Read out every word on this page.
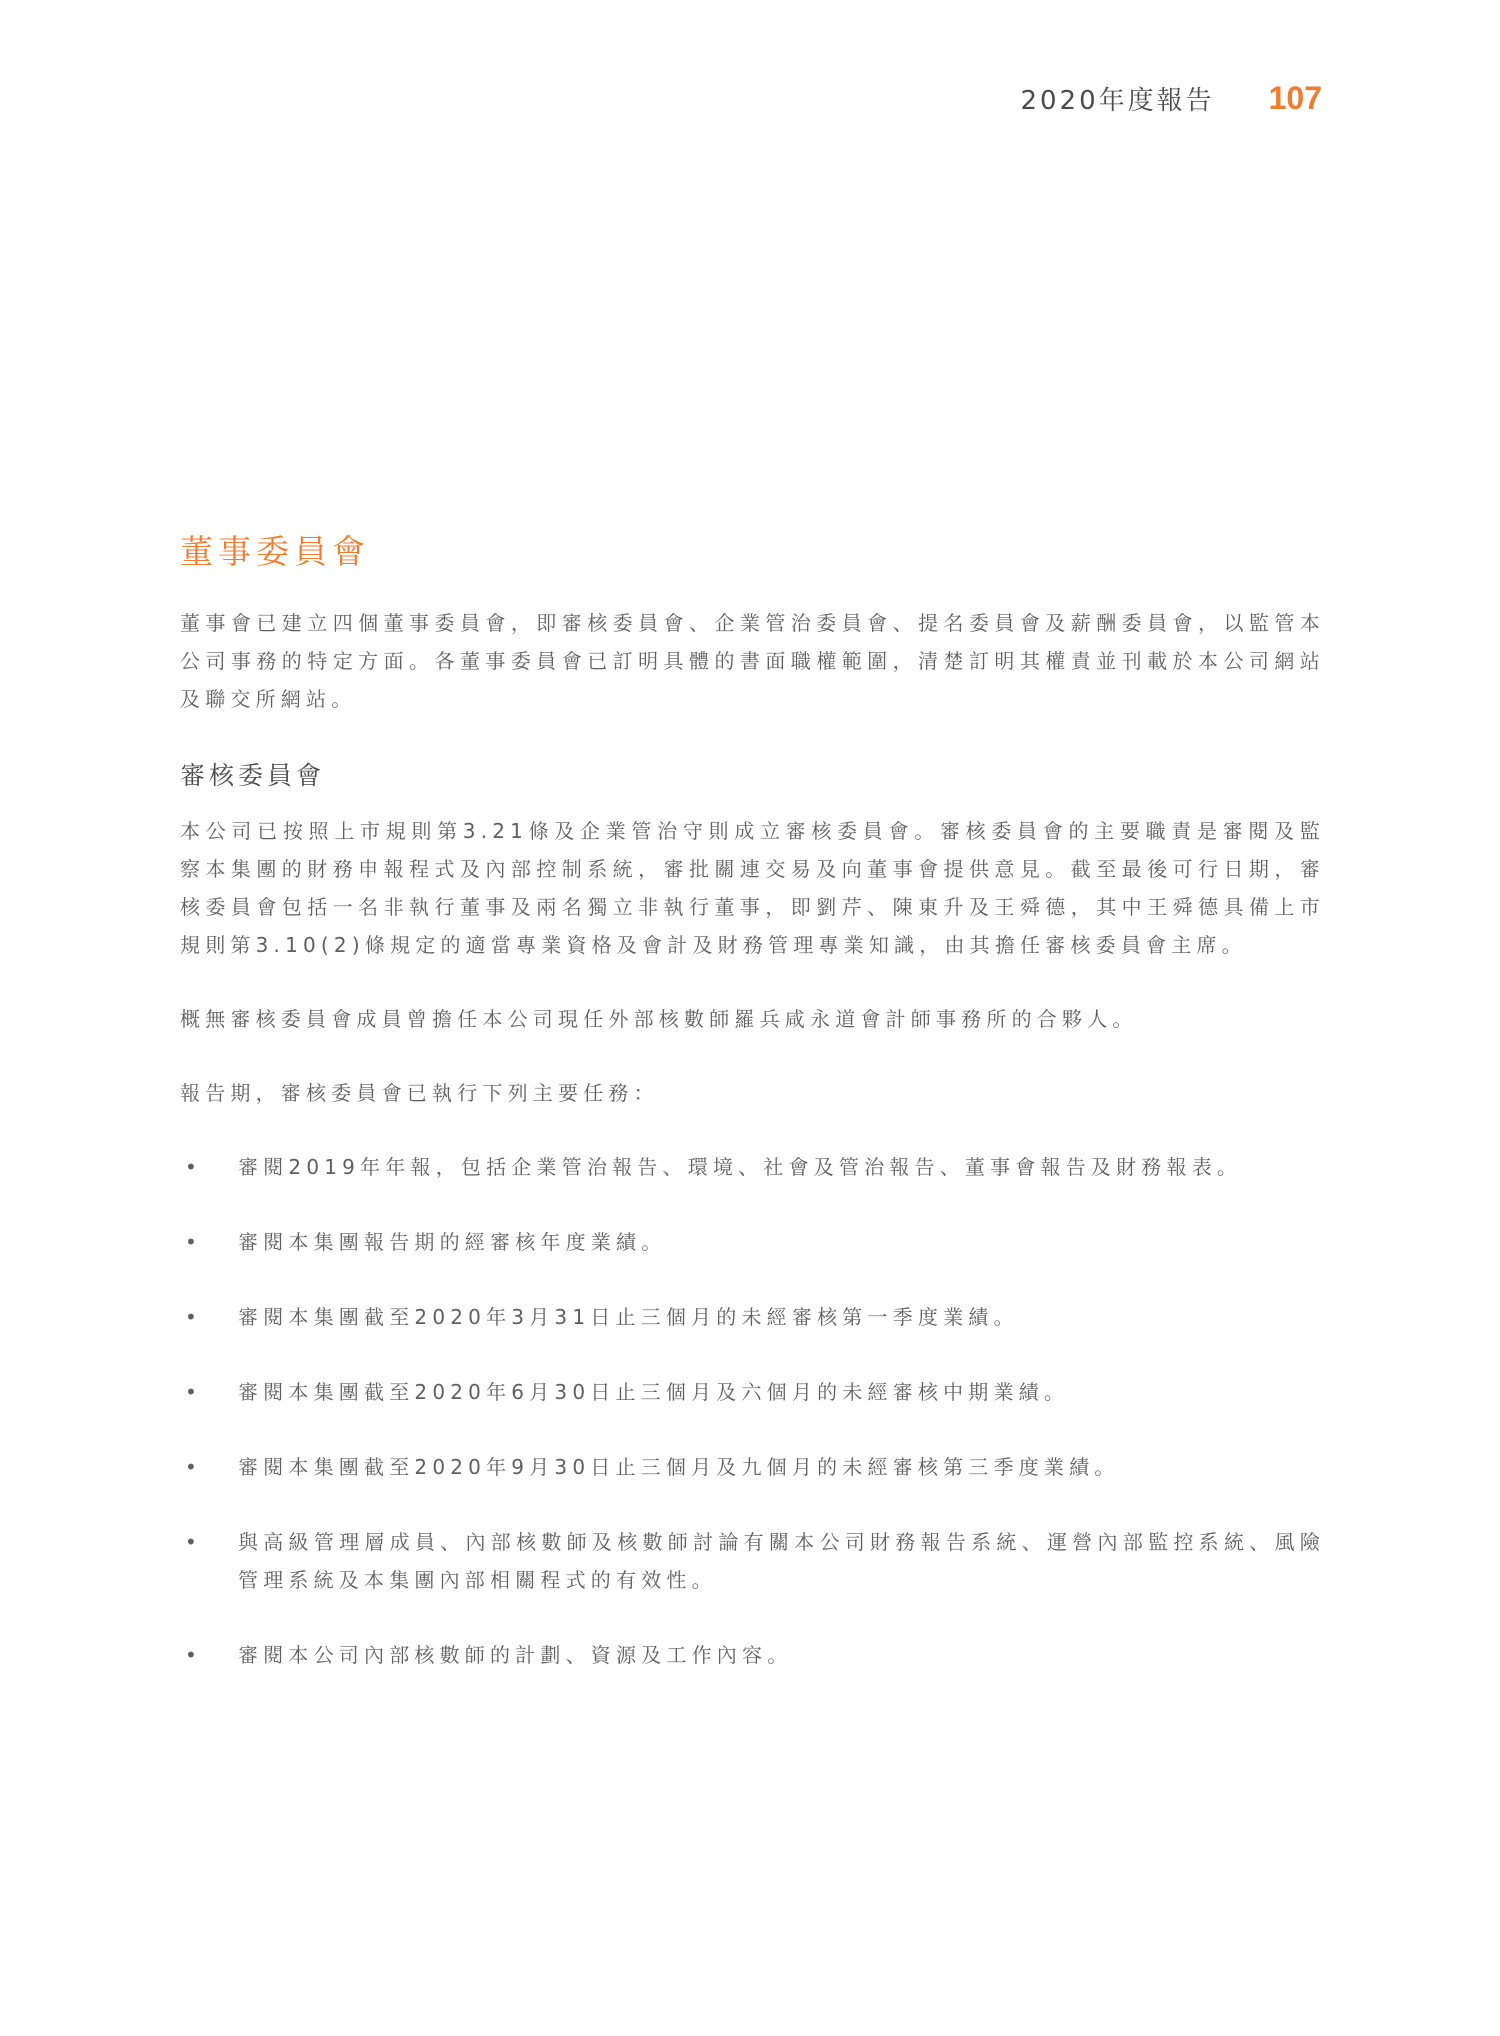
2020年度報告 107
董事委員會

董事會已建立四個董事委員會，即審核委員會、企業管治委員會、提名委員會及薪酬委員會，以監管本公司事務的特定方面。各董事委員會已訂明具體的書面職權範圍，清楚訂明其權責並刊載於本公司網站及聯交所網站。

審核委員會

本公司已按照上市規則第3.21條及企業管治守則成立審核委員會。審核委員會的主要職責是審閱及監察本集團的財務申報程式及內部控制系統，審批關連交易及向董事會提供意見。截至最後可行日期，審核委員會包括一名非執行董事及兩名獨立非執行董事，即劉芹、陳東升及王舜德，其中王舜德具備上市規則第3.10(2)條規定的適當專業資格及會計及財務管理專業知識，由其擔任審核委員會主席。

概無審核委員會成員曾擔任本公司現任外部核數師羅兵咸永道會計師事務所的合夥人。

報告期，審核委員會已執行下列主要任務：

•	審閱2019年年報，包括企業管治報告、環境、社會及管治報告、董事會報告及財務報表。
•	審閱本集團報告期的經審核年度業績。
•	審閱本集團截至2020年3月31日止三個月的未經審核第一季度業績。
•	審閱本集團截至2020年6月30日止三個月及六個月的未經審核中期業績。
•	審閱本集團截至2020年9月30日止三個月及九個月的未經審核第三季度業績。
•	與高級管理層成員、內部核數師及核數師討論有關本公司財務報告系統、運營內部監控系統、風險管理系統及本集團內部相關程式的有效性。
•	審閱本公司內部核數師的計劃、資源及工作內容。
